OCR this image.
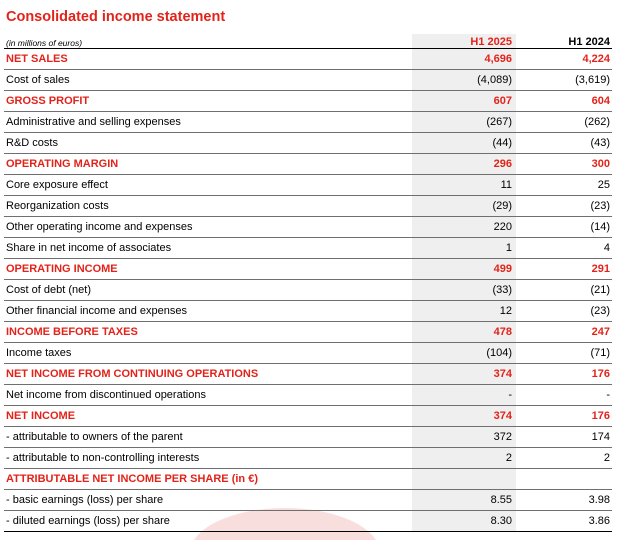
Consolidated income statement
(in millions of euros)	H1 2025		H1 2024
NET SALES	4,696		4,224
Cost of sales	(4,089)		(3,619)
GROSS PROFIT	607		604
Administrative and selling expenses	(267)		(262)
R&D costs	(44)		(43)
OPERATING MARGIN	296		300
Core exposure effect	11		25
Reorganization costs	(29)		(23)
Other operating income and expenses	220		(14)
Share in net income of associates	1		4
OPERATING INCOME	499		291
Cost of debt (net)	(33)		(21)
Other financial income and expenses	12		(23)
INCOME BEFORE TAXES	478		247
Income taxes	(104)		(71)
NET INCOME FROM CONTINUING OPERATIONS	374		176
Net income from discontinued operations	-		-
NET INCOME	374		176
- attributable to owners of the parent	372		174
- attributable to non-controlling interests	2		2
ATTRIBUTABLE NET INCOME PER SHARE (in €)			
- basic earnings (loss) per share	8.55		3.98
- diluted earnings (loss) per share	8.30		3.86
